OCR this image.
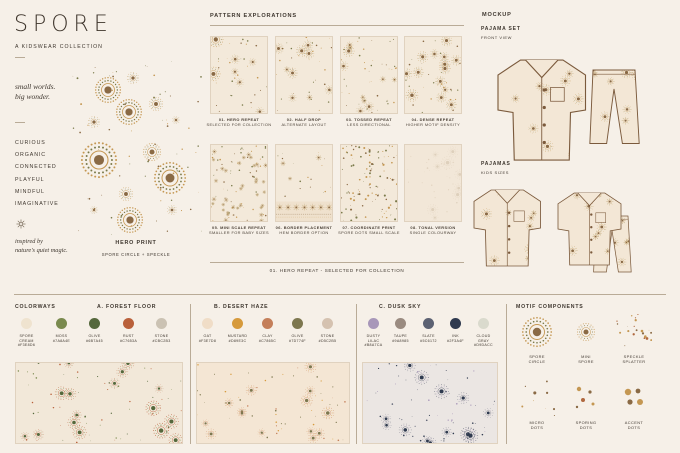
SPORE
A KIDSWEAR COLLECTION
small worlds.
big wonder.
CURIOUS
ORGANIC
CONNECTED
PLAYFUL
MINDFUL
IMAGINATIVE
inspired by
nature's quiet magic.
HERO PRINT
SPORE CIRCLE + SPECKLE
PATTERN EXPLORATIONS
01. HERO REPEAT
SELECTED FOR COLLECTION
02. HALF DROP
ALTERNATE LAYOUT
03. TOSSED REPEAT
LESS DIRECTIONAL
04. DENSE REPEAT
HIGHER MOTIF DENSITY
05. MINI SCALE REPEAT
SMALLER FOR BABY SIZES
06. BORDER PLACEMENT
HEM BORDER OPTION
07. COORDINATE PRINT
SPORE DOTS SMALL SCALE
08. TONAL VERSION
SINGLE COLOURWAY
01. HERO REPEAT - SELECTED FOR COLLECTION
MOCKUP
PAJAMA SET
FRONT VIEW
PAJAMAS
KIDS SIZES
COLORWAYS	A. FOREST FLOOR	B. DESERT HAZE	C. DUSK SKY
SPORE
CREAM
#F3E8D6
MOSS
#7A8A4E
OLIVE
#6B7A45
RUST
#C7653A
STONE
#CBC2B3
OAT
#F3E7D8
MUSTARD
#D89E3C
CLAY
#C7865C
OLIVE
#7D774F
STONE
#D5C2B5
DUSTY
LILAC
#B8A7CA
TAUPE
#9A8985
SLATE
#5C6172
INK
#2F3A4F
CLOUD
GRAY
#D9DACC
MOTIF COMPONENTS
SPORE
CIRCLE
MINI
SPORE
SPECKLE
SPLATTER
MICRO
DOTS
SPORING
DOTS
ACCENT
DOTS
